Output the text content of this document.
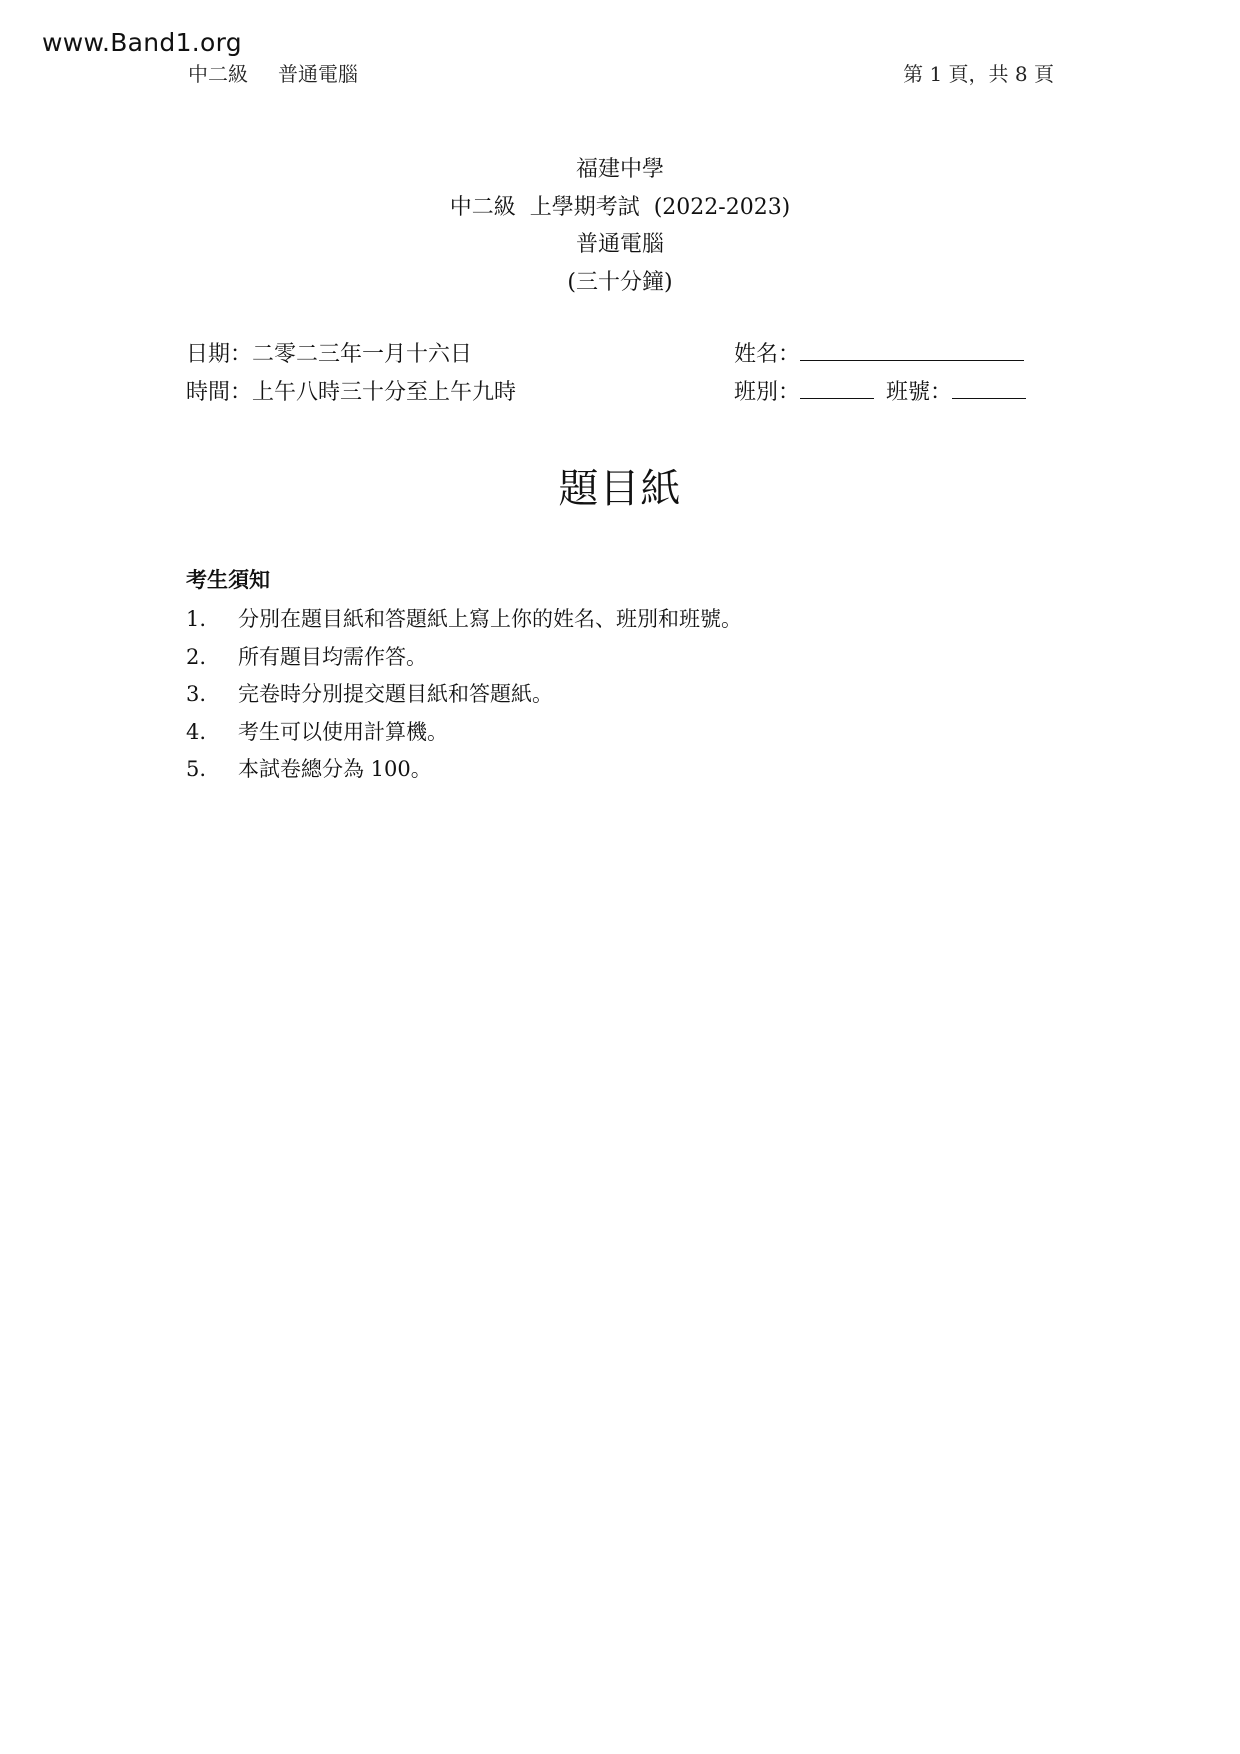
www.Band1.org
中二級 普通電腦	第 1 頁，共 8 頁
福建中學
中二級  上學期考試  (2022-2023)
普通電腦
(三十分鐘)
日期：二零二三年一月十六日
時間：上午八時三十分至上午九時
姓名：
班別：	班號：
題目紙
考生須知
1. 分別在題目紙和答題紙上寫上你的姓名、班別和班號。
2. 所有題目均需作答。
3. 完卷時分別提交題目紙和答題紙。
4. 考生可以使用計算機。
5. 本試卷總分為 100。
